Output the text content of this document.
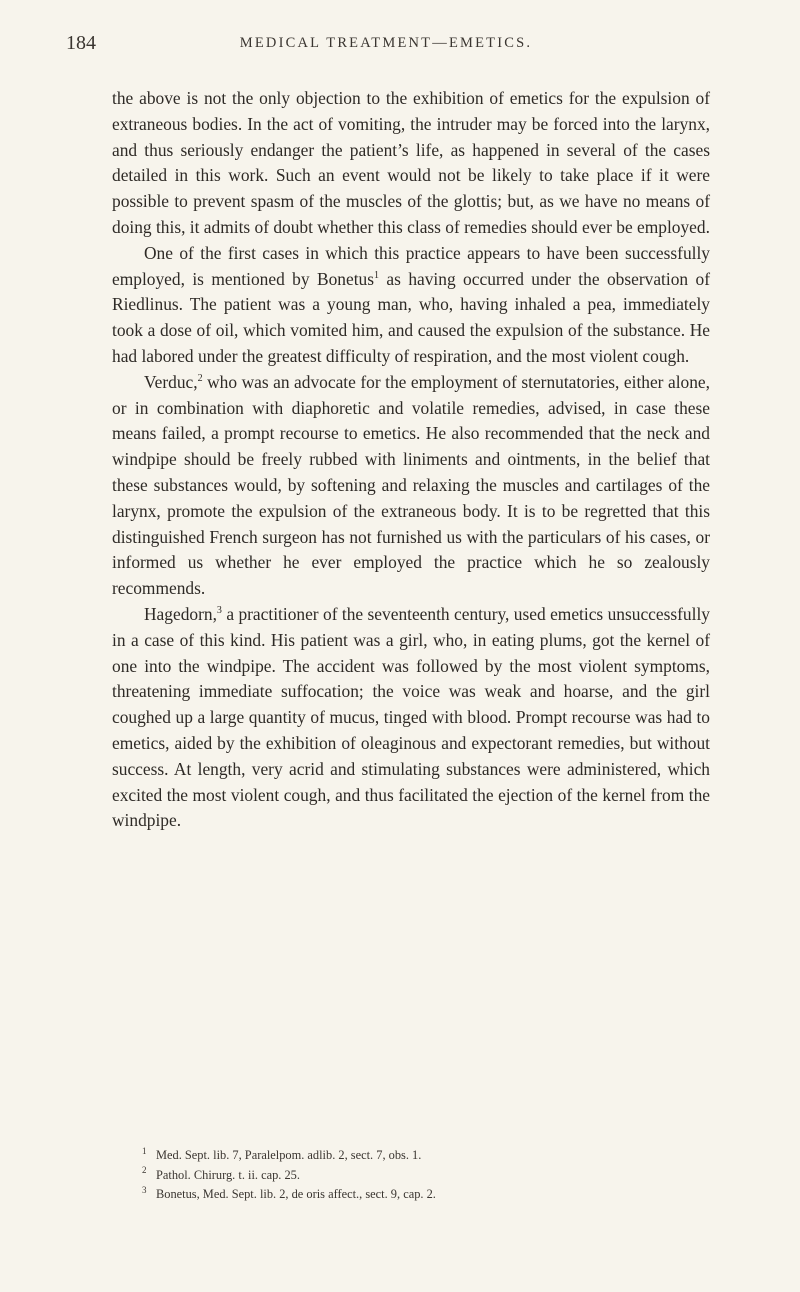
184	MEDICAL TREATMENT—EMETICS.

the above is not the only objection to the exhibition of emetics for the expulsion of extraneous bodies. In the act of vomiting, the intruder may be forced into the larynx, and thus seriously endanger the patient’s life, as happened in several of the cases detailed in this work. Such an event would not be likely to take place if it were possible to prevent spasm of the muscles of the glottis; but, as we have no means of doing this, it admits of doubt whether this class of remedies should ever be employed.

One of the first cases in which this practice appears to have been successfully employed, is mentioned by Bonetus$^1$ as having occurred under the observation of Riedlinus. The patient was a young man, who, having inhaled a pea, immediately took a dose of oil, which vomited him, and caused the expulsion of the substance. He had labored under the greatest difficulty of respiration, and the most violent cough.

Verduc,$^2$ who was an advocate for the employment of sternutatories, either alone, or in combination with diaphoretic and volatile remedies, advised, in case these means failed, a prompt recourse to emetics. He also recommended that the neck and windpipe should be freely rubbed with liniments and ointments, in the belief that these substances would, by softening and relaxing the muscles and cartilages of the larynx, promote the expulsion of the extraneous body. It is to be regretted that this distinguished French surgeon has not furnished us with the particulars of his cases, or informed us whether he ever employed the practice which he so zealously recommends.

Hagedorn,$^3$ a practitioner of the seventeenth century, used emetics unsuccessfully in a case of this kind. His patient was a girl, who, in eating plums, got the kernel of one into the windpipe. The accident was followed by the most violent symptoms, threatening immediate suffocation; the voice was weak and hoarse, and the girl coughed up a large quantity of mucus, tinged with blood. Prompt recourse was had to emetics, aided by the exhibition of oleaginous and expectorant remedies, but without success. At length, very acrid and stimulating substances were administered, which excited the most violent cough, and thus facilitated the ejection of the kernel from the windpipe.

1 Med. Sept. lib. 7, Paralelpom. adlib. 2, sect. 7, obs. 1.

2 Pathol. Chirurg. t. ii. cap. 25.

3 Bonetus, Med. Sept. lib. 2, de oris affect., sect. 9, cap. 2.
